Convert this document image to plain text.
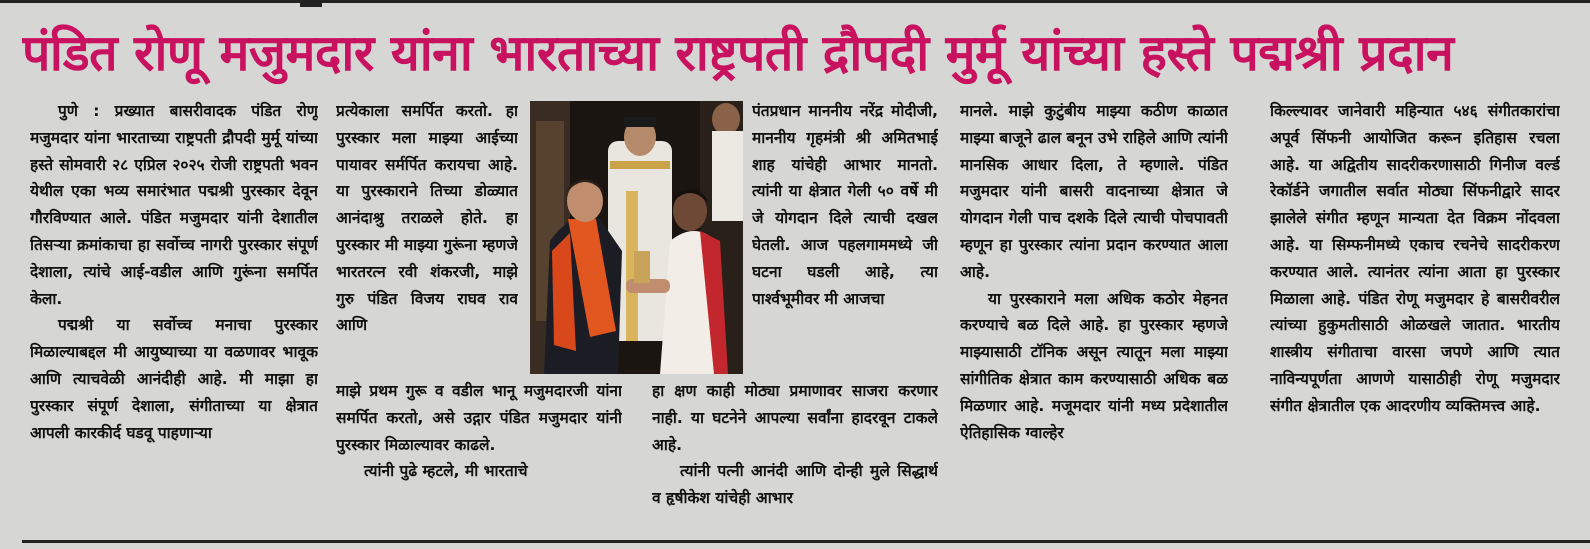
पंडित रोणू मजुमदार यांना भारताच्या राष्ट्रपती द्रौपदी मुर्मू यांच्या हस्ते पद्मश्री प्रदान

पुणे : प्रख्यात बासरीवादक पंडित रोणू मजुमदार यांना भारताच्या राष्ट्रपती द्रौपदी मुर्मू यांच्या हस्ते सोमवारी २८ एप्रिल २०२५ रोजी राष्ट्रपती भवन येथील एका भव्य समारंभात पद्मश्री पुरस्कार देवून गौरविण्यात आले. पंडित मजुमदार यांनी देशातील तिसऱ्या क्रमांकाचा हा सर्वोच्च नागरी पुरस्कार संपूर्ण देशाला, त्यांचे आई-वडील आणि गुरूंना समर्पित केला.

पद्मश्री या सर्वोच्च मनाचा पुरस्कार मिळाल्याबद्दल मी आयुष्याच्या या वळणावर भावूक आणि त्याचवेळी आनंदीही आहे. मी माझा हा पुरस्कार संपूर्ण देशाला, संगीताच्या या क्षेत्रात आपली कारकीर्द घडवू पाहणाऱ्या

प्रत्येकाला समर्पित करतो. हा पुरस्कार मला माझ्या आईच्या पायावर सर्मर्पित करायचा आहे. या पुरस्काराने तिच्या डोळ्यात आनंदाश्रु तराळले होते. हा पुरस्कार मी माझ्या गुरूंना म्हणजे भारतरत्न रवी शंकरजी, माझे गुरु पंडित विजय राघव राव आणि

माझे प्रथम गुरू व वडील भानू मजुमदारजी यांना समर्पित करतो, असे उद्गार पंडित मजुमदार यांनी पुरस्कार मिळाल्यावर काढले.

त्यांनी पुढे म्हटले, मी भारताचे

पंतप्रधान माननीय नरेंद्र मोदीजी, माननीय गृहमंत्री श्री अमितभाई शाह यांचेही आभार मानतो. त्यांनी या क्षेत्रात गेली ५० वर्षे मी जे योगदान दिले त्याची दखल घेतली. आज पहलगाममध्ये जी घटना घडली आहे, त्या पार्श्वभूमीवर मी आजचा

हा क्षण काही मोठ्या प्रमाणावर साजरा करणार नाही. या घटनेने आपल्या सर्वांना हादरवून टाकले आहे.

त्यांनी पत्नी आनंदी आणि दोन्ही मुले सिद्धार्थ व हृषीकेश यांचेही आभार

मानले. माझे कुटुंबीय माझ्या कठीण काळात माझ्या बाजूने ढाल बनून उभे राहिले आणि त्यांनी मानसिक आधार दिला, ते म्हणाले. पंडित मजुमदार यांनी बासरी वादनाच्या क्षेत्रात जे योगदान गेली पाच दशके दिले त्याची पोचपावती म्हणून हा पुरस्कार त्यांना प्रदान करण्यात आला आहे.

या पुरस्काराने मला अधिक कठोर मेहनत करण्याचे बळ दिले आहे. हा पुरस्कार म्हणजे माझ्यासाठी टॉनिक असून त्यातून मला माझ्या सांगीतिक क्षेत्रात काम करण्यासाठी अधिक बळ मिळणार आहे. मजूमदार यांनी मध्य प्रदेशातील ऐतिहासिक ग्वाल्हेर

किल्ल्यावर जानेवारी महिन्यात ५४६ संगीतकारांचा अपूर्व सिंफनी आयोजित करून इतिहास रचला आहे. या अद्वितीय सादरीकरणासाठी गिनीज वर्ल्ड रेकॉर्डने जगातील सर्वात मोठ्या सिंफनीद्वारे सादर झालेले संगीत म्हणून मान्यता देत विक्रम नोंदवला आहे. या सिम्फनीमध्ये एकाच रचनेचे सादरीकरण करण्यात आले. त्यानंतर त्यांना आता हा पुरस्कार मिळाला आहे. पंडित रोणू मजुमदार हे बासरीवरील त्यांच्या हुकुमतीसाठी ओळखले जातात. भारतीय शास्त्रीय संगीताचा वारसा जपणे आणि त्यात नाविन्यपूर्णता आणणे यासाठीही रोणू मजुमदार संगीत क्षेत्रातील एक आदरणीय व्यक्तिमत्त्व आहे.
